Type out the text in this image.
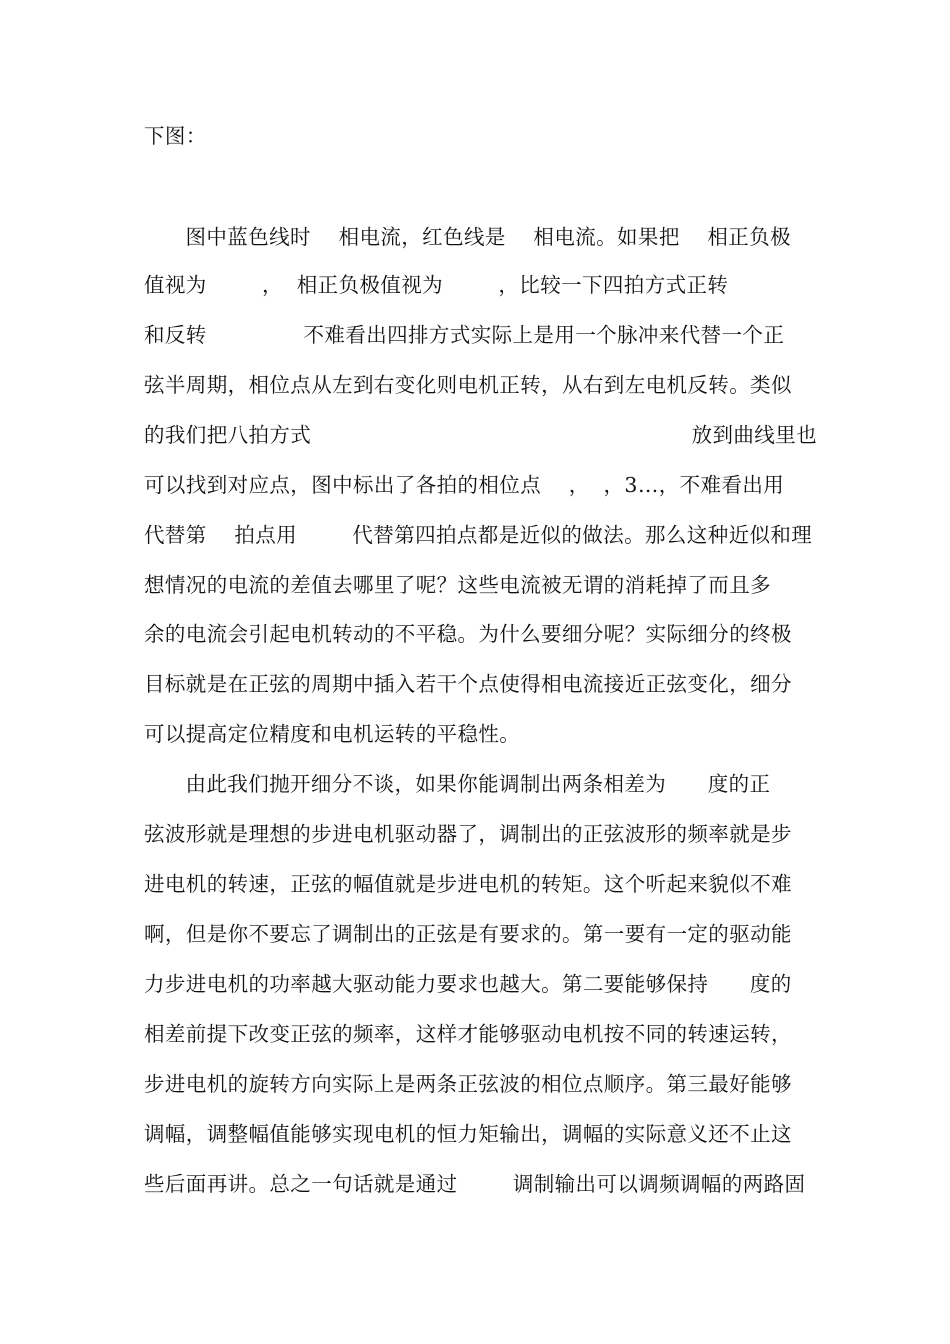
下图：
图中蓝色线时    相电流，红色线是    相电流。如果把    相正负极
值视为        ，  相正负极值视为        ，比较一下四拍方式正转
和反转              不难看出四排方式实际上是用一个脉冲来代替一个正
弦半周期，相位点从左到右变化则电机正转，从右到左电机反转。类似
的我们把八拍方式                                                       放到曲线里也
可以找到对应点，图中标出了各拍的相位点    ，  ，3…，不难看出用
代替第    拍点用        代替第四拍点都是近似的做法。那么这种近似和理
想情况的电流的差值去哪里了呢？这些电流被无谓的消耗掉了而且多
余的电流会引起电机转动的不平稳。为什么要细分呢？实际细分的终极
目标就是在正弦的周期中插入若干个点使得相电流接近正弦变化，细分
可以提高定位精度和电机运转的平稳性。
由此我们抛开细分不谈，如果你能调制出两条相差为      度的正
弦波形就是理想的步进电机驱动器了，调制出的正弦波形的频率就是步
进电机的转速，正弦的幅值就是步进电机的转矩。这个听起来貌似不难
啊，但是你不要忘了调制出的正弦是有要求的。第一要有一定的驱动能
力步进电机的功率越大驱动能力要求也越大。第二要能够保持      度的
相差前提下改变正弦的频率，这样才能够驱动电机按不同的转速运转，
步进电机的旋转方向实际上是两条正弦波的相位点顺序。第三最好能够
调幅，调整幅值能够实现电机的恒力矩输出，调幅的实际意义还不止这
些后面再讲。总之一句话就是通过        调制输出可以调频调幅的两路固
